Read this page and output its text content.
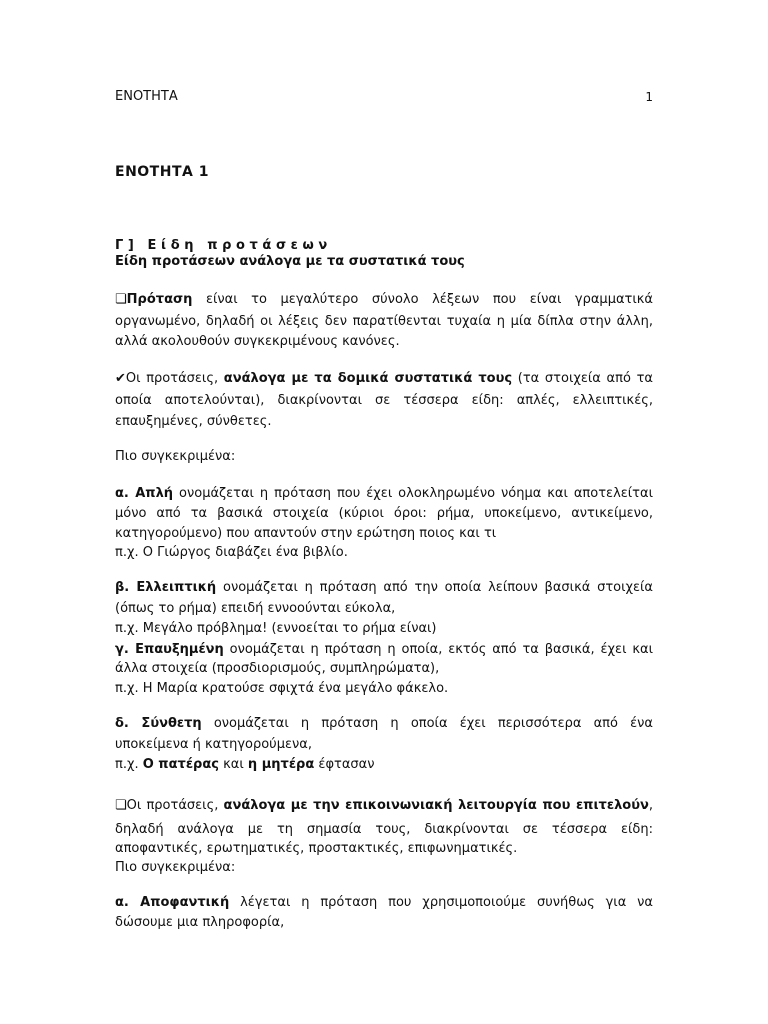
ΕΝΟΤΗΤΑ	1
ΕΝΟΤΗΤΑ 1
Γ] Είδη προτάσεων
Είδη προτάσεων ανάλογα με τα συστατικά τους
❏Πρόταση είναι το μεγαλύτερο σύνολο λέξεων που είναι γραμματικά
οργανωμένο, δηλαδή οι λέξεις δεν παρατίθενται τυχαία η μία δίπλα στην άλλη,
αλλά ακολουθούν συγκεκριμένους κανόνες.
✔Οι προτάσεις, ανάλογα με τα δομικά συστατικά τους (τα στοιχεία από τα
οποία αποτελούνται), διακρίνονται σε τέσσερα είδη: απλές, ελλειπτικές,
επαυξημένες, σύνθετες.
Πιο συγκεκριμένα:
α. Απλή ονομάζεται η πρόταση που έχει ολοκληρωμένο νόημα και αποτελείται
μόνο από τα βασικά στοιχεία (κύριοι όροι: ρήμα, υποκείμενο, αντικείμενο,
κατηγορούμενο) που απαντούν στην ερώτηση ποιος και τι
π.χ. Ο Γιώργος διαβάζει ένα βιβλίο.
β. Ελλειπτική ονομάζεται η πρόταση από την οποία λείπουν βασικά στοιχεία
(όπως το ρήμα) επειδή εννοούνται εύκολα,
π.χ. Μεγάλο πρόβλημα! (εννοείται το ρήμα είναι)
γ. Επαυξημένη ονομάζεται η πρόταση η οποία, εκτός από τα βασικά, έχει και
άλλα στοιχεία (προσδιορισμούς, συμπληρώματα),
π.χ. Η Μαρία κρατούσε σφιχτά ένα μεγάλο φάκελο.
δ. Σύνθετη ονομάζεται η πρόταση η οποία έχει περισσότερα από ένα
υποκείμενα ή κατηγορούμενα,
π.χ. Ο πατέρας και η μητέρα έφτασαν
❏Οι προτάσεις, ανάλογα με την επικοινωνιακή λειτουργία που επιτελούν,
δηλαδή ανάλογα με τη σημασία τους, διακρίνονται σε τέσσερα είδη:
αποφαντικές, ερωτηματικές, προστακτικές, επιφωνηματικές.
Πιο συγκεκριμένα:
α. Αποφαντική λέγεται η πρόταση που χρησιμοποιούμε συνήθως για να
δώσουμε μια πληροφορία,
